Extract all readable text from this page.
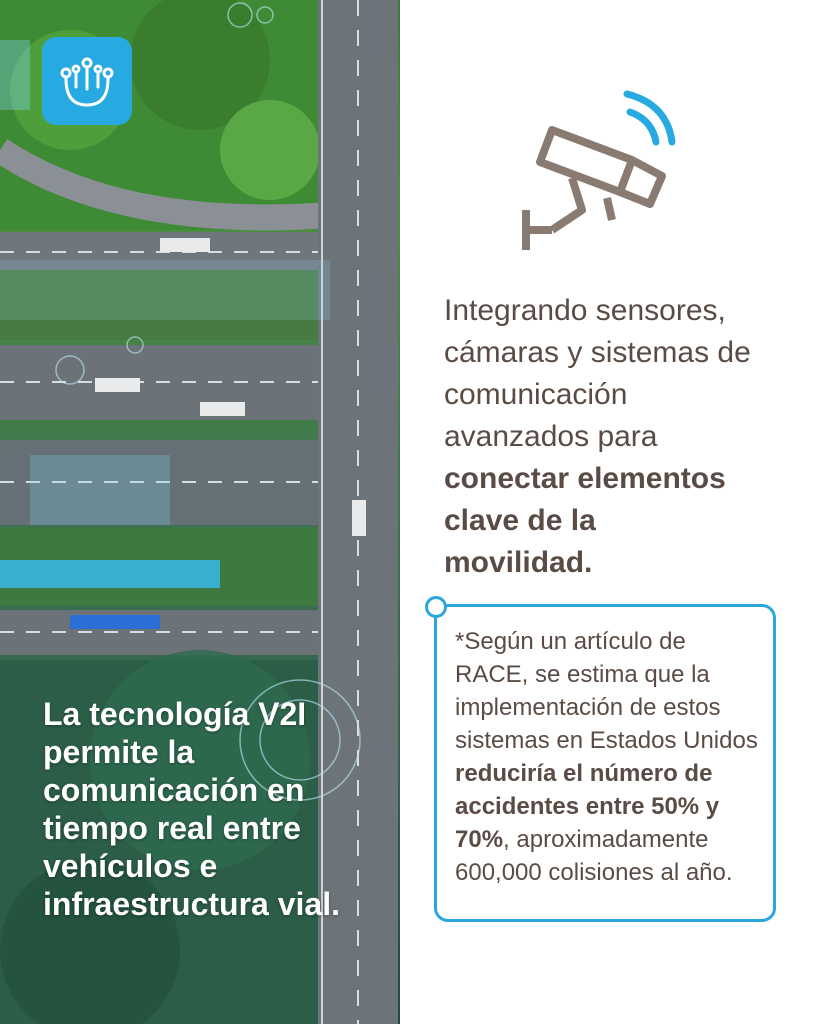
La tecnología V2I
permite la
comunicación en
tiempo real entre
vehículos e
infraestructura vial.
Integrando sensores,
cámaras y sistemas de
comunicación
avanzados para
conectar elementos
clave de la
movilidad.
*Según un artículo de
RACE, se estima que la
implementación de estos
sistemas en Estados Unidos
reduciría el número de
accidentes entre 50% y
70%, aproximadamente
600,000 colisiones al año.
